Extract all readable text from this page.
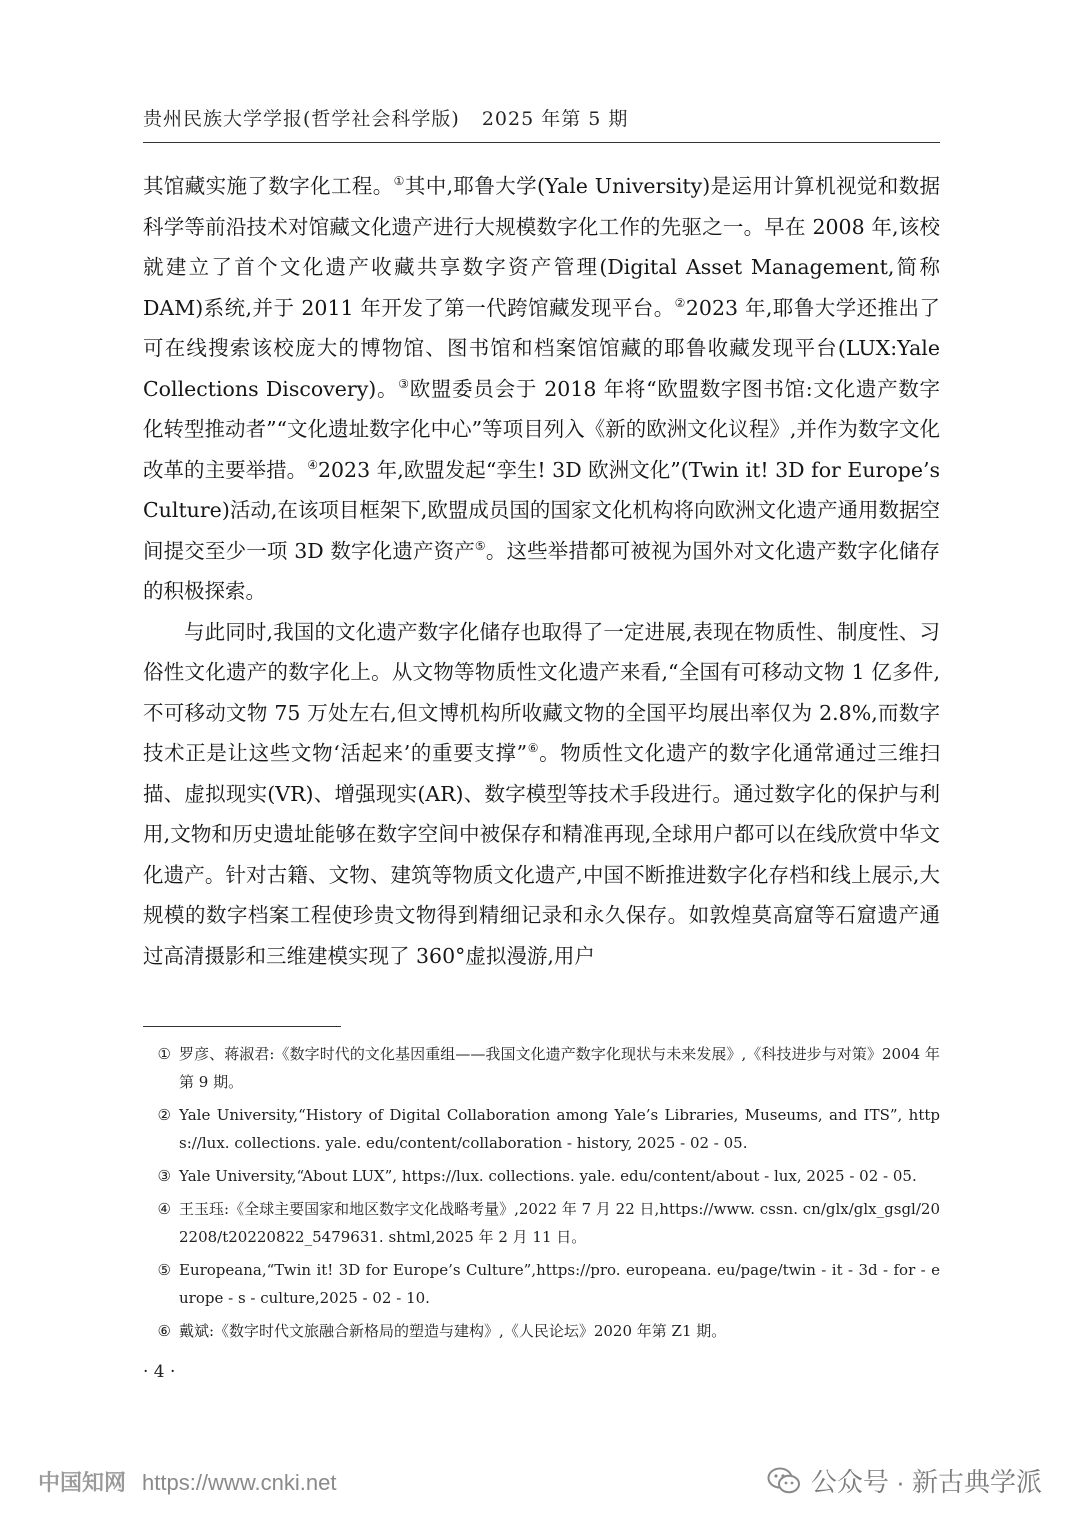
贵州民族大学学报(哲学社会科学版) 2025 年第 5 期

其馆藏实施了数字化工程。①其中,耶鲁大学(Yale University)是运用计算机视觉和数据科学等前沿技术对馆藏文化遗产进行大规模数字化工作的先驱之一。早在 2008 年,该校就建立了首个文化遗产收藏共享数字资产管理(Digital Asset Management,简称 DAM)系统,并于 2011 年开发了第一代跨馆藏发现平台。②2023 年,耶鲁大学还推出了可在线搜索该校庞大的博物馆、图书馆和档案馆馆藏的耶鲁收藏发现平台(LUX:Yale Collections Discovery)。③欧盟委员会于 2018 年将“欧盟数字图书馆:文化遗产数字化转型推动者”“文化遗址数字化中心”等项目列入《新的欧洲文化议程》,并作为数字文化改革的主要举措。④2023 年,欧盟发起“孪生! 3D 欧洲文化”(Twin it! 3D for Europe’s Culture)活动,在该项目框架下,欧盟成员国的国家文化机构将向欧洲文化遗产通用数据空间提交至少一项 3D 数字化遗产资产⑤。这些举措都可被视为国外对文化遗产数字化储存的积极探索。

与此同时,我国的文化遗产数字化储存也取得了一定进展,表现在物质性、制度性、习俗性文化遗产的数字化上。从文物等物质性文化遗产来看,“全国有可移动文物 1 亿多件,不可移动文物 75 万处左右,但文博机构所收藏文物的全国平均展出率仅为 2.8%,而数字技术正是让这些文物‘活起来’的重要支撑”⑥。物质性文化遗产的数字化通常通过三维扫描、虚拟现实(VR)、增强现实(AR)、数字模型等技术手段进行。通过数字化的保护与利用,文物和历史遗址能够在数字空间中被保存和精准再现,全球用户都可以在线欣赏中华文化遗产。针对古籍、文物、建筑等物质文化遗产,中国不断推进数字化存档和线上展示,大规模的数字档案工程使珍贵文物得到精细记录和永久保存。如敦煌莫高窟等石窟遗产通过高清摄影和三维建模实现了 360°虚拟漫游,用户

① 罗彦、蒋淑君:《数字时代的文化基因重组——我国文化遗产数字化现状与未来发展》,《科技进步与对策》2004 年第 9 期。
② Yale University,“History of Digital Collaboration among Yale’s Libraries, Museums, and ITS”, https://lux. collections. yale. edu/content/collaboration - history, 2025 - 02 - 05.
③ Yale University,“About LUX”, https://lux. collections. yale. edu/content/about - lux, 2025 - 02 - 05.
④ 王玉珏:《全球主要国家和地区数字文化战略考量》,2022 年 7 月 22 日,https://www. cssn. cn/glx/glx_gsgl/202208/t20220822_5479631. shtml,2025 年 2 月 11 日。
⑤ Europeana,“Twin it! 3D for Europe’s Culture”,https://pro. europeana. eu/page/twin - it - 3d - for - europe - s - culture,2025 - 02 - 10.
⑥ 戴斌:《数字时代文旅融合新格局的塑造与建构》,《人民论坛》2020 年第 Z1 期。
· 4 ·
中国知网 https://www.cnki.net	公众号 · 新古典学派
